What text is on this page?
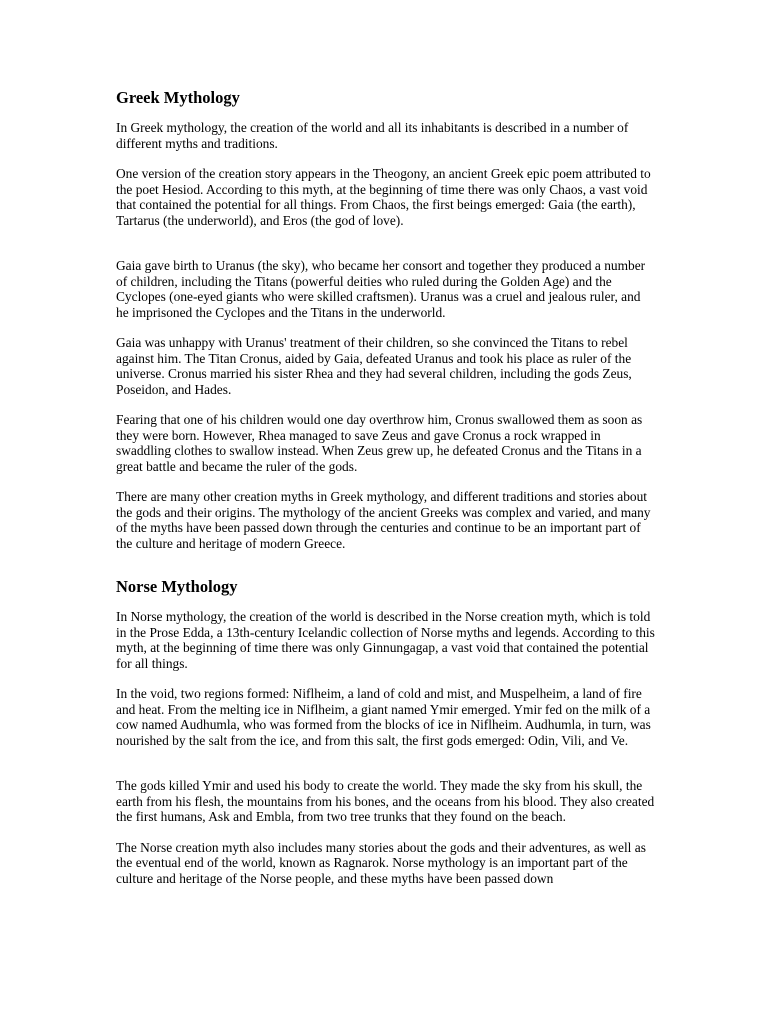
Greek Mythology

In Greek mythology, the creation of the world and all its inhabitants is described in a number of different myths and traditions.

One version of the creation story appears in the Theogony, an ancient Greek epic poem attributed to the poet Hesiod. According to this myth, at the beginning of time there was only Chaos, a vast void that contained the potential for all things. From Chaos, the first beings emerged: Gaia (the earth), Tartarus (the underworld), and Eros (the god of love).

Gaia gave birth to Uranus (the sky), who became her consort and together they produced a number of children, including the Titans (powerful deities who ruled during the Golden Age) and the Cyclopes (one-eyed giants who were skilled craftsmen). Uranus was a cruel and jealous ruler, and he imprisoned the Cyclopes and the Titans in the underworld.

Gaia was unhappy with Uranus' treatment of their children, so she convinced the Titans to rebel against him. The Titan Cronus, aided by Gaia, defeated Uranus and took his place as ruler of the universe. Cronus married his sister Rhea and they had several children, including the gods Zeus, Poseidon, and Hades.

Fearing that one of his children would one day overthrow him, Cronus swallowed them as soon as they were born. However, Rhea managed to save Zeus and gave Cronus a rock wrapped in swaddling clothes to swallow instead. When Zeus grew up, he defeated Cronus and the Titans in a great battle and became the ruler of the gods.

There are many other creation myths in Greek mythology, and different traditions and stories about the gods and their origins. The mythology of the ancient Greeks was complex and varied, and many of the myths have been passed down through the centuries and continue to be an important part of the culture and heritage of modern Greece.

Norse Mythology

In Norse mythology, the creation of the world is described in the Norse creation myth, which is told in the Prose Edda, a 13th-century Icelandic collection of Norse myths and legends. According to this myth, at the beginning of time there was only Ginnungagap, a vast void that contained the potential for all things.

In the void, two regions formed: Niflheim, a land of cold and mist, and Muspelheim, a land of fire and heat. From the melting ice in Niflheim, a giant named Ymir emerged. Ymir fed on the milk of a cow named Audhumla, who was formed from the blocks of ice in Niflheim. Audhumla, in turn, was nourished by the salt from the ice, and from this salt, the first gods emerged: Odin, Vili, and Ve.

The gods killed Ymir and used his body to create the world. They made the sky from his skull, the earth from his flesh, the mountains from his bones, and the oceans from his blood. They also created the first humans, Ask and Embla, from two tree trunks that they found on the beach.

The Norse creation myth also includes many stories about the gods and their adventures, as well as the eventual end of the world, known as Ragnarok. Norse mythology is an important part of the culture and heritage of the Norse people, and these myths have been passed down
